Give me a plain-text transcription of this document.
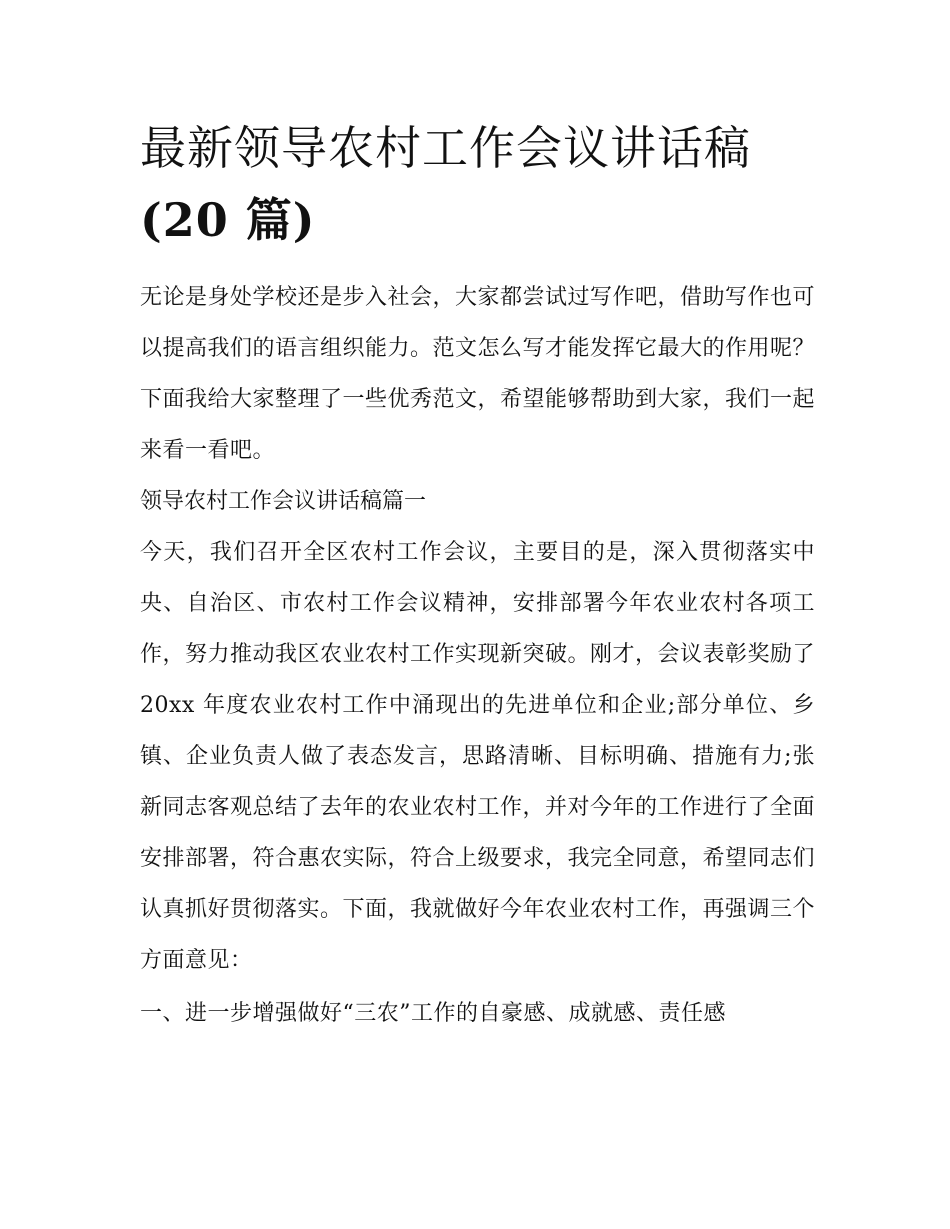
最新领导农村工作会议讲话稿
(20 篇)

无论是身处学校还是步入社会，大家都尝试过写作吧，借助写作也可以提高我们的语言组织能力。范文怎么写才能发挥它最大的作用呢？下面我给大家整理了一些优秀范文，希望能够帮助到大家，我们一起来看一看吧。

领导农村工作会议讲话稿篇一

今天，我们召开全区农村工作会议，主要目的是，深入贯彻落实中央、自治区、市农村工作会议精神，安排部署今年农业农村各项工作，努力推动我区农业农村工作实现新突破。刚才，会议表彰奖励了 20xx 年度农业农村工作中涌现出的先进单位和企业;部分单位、乡镇、企业负责人做了表态发言，思路清晰、目标明确、措施有力;张新同志客观总结了去年的农业农村工作，并对今年的工作进行了全面安排部署，符合惠农实际，符合上级要求，我完全同意，希望同志们认真抓好贯彻落实。下面，我就做好今年农业农村工作，再强调三个方面意见：

一、进一步增强做好“三农”工作的自豪感、成就感、责任感
